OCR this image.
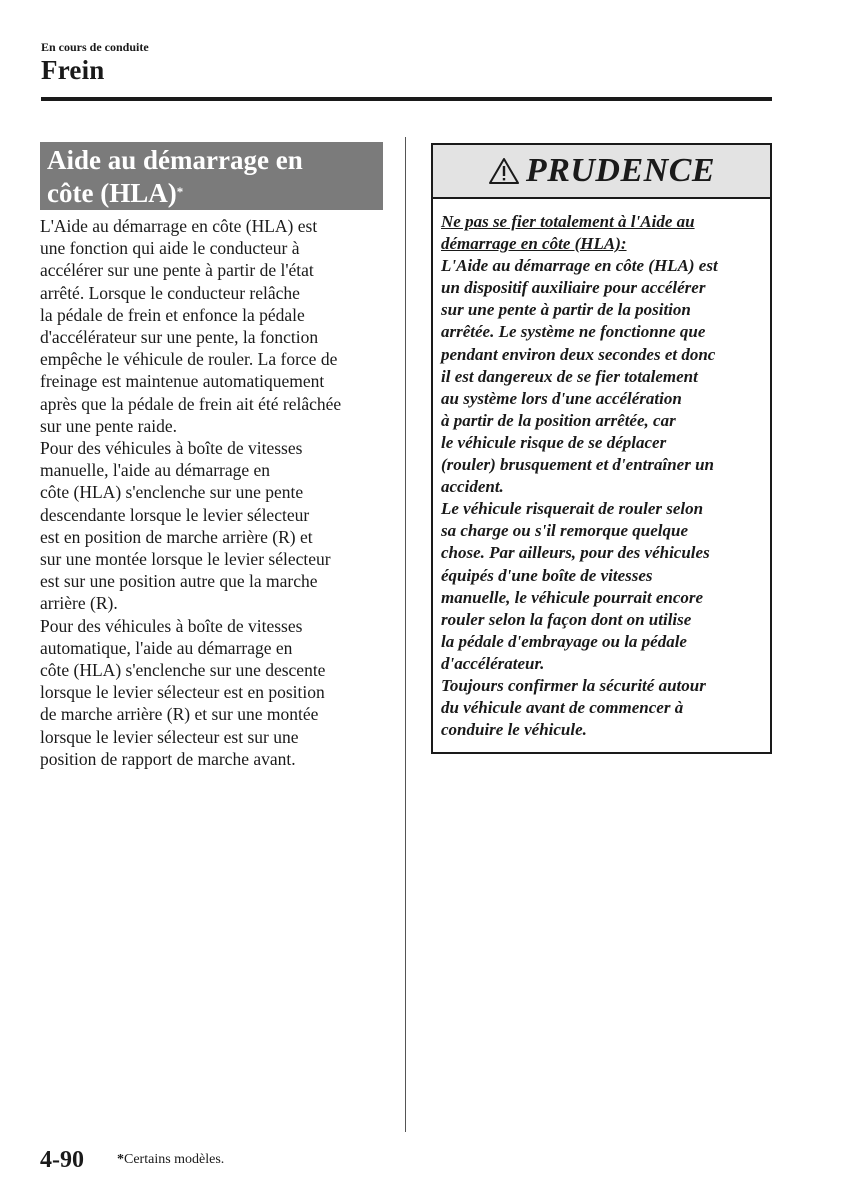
En cours de conduite
Frein
Aide au démarrage en
côte (HLA)*

L'Aide au démarrage en côte (HLA) est
une fonction qui aide le conducteur à
accélérer sur une pente à partir de l'état
arrêté. Lorsque le conducteur relâche
la pédale de frein et enfonce la pédale
d'accélérateur sur une pente, la fonction
empêche le véhicule de rouler. La force de
freinage est maintenue automatiquement
après que la pédale de frein ait été relâchée
sur une pente raide.

Pour des véhicules à boîte de vitesses
manuelle, l'aide au démarrage en
côte (HLA) s'enclenche sur une pente
descendante lorsque le levier sélecteur
est en position de marche arrière (R) et
sur une montée lorsque le levier sélecteur
est sur une position autre que la marche
arrière (R).

Pour des véhicules à boîte de vitesses
automatique, l'aide au démarrage en
côte (HLA) s'enclenche sur une descente
lorsque le levier sélecteur est en position
de marche arrière (R) et sur une montée
lorsque le levier sélecteur est sur une
position de rapport de marche avant.

PRUDENCE

Ne pas se fier totalement à l'Aide au
démarrage en côte (HLA):

L'Aide au démarrage en côte (HLA) est
un dispositif auxiliaire pour accélérer
sur une pente à partir de la position
arrêtée. Le système ne fonctionne que
pendant environ deux secondes et donc
il est dangereux de se fier totalement
au système lors d'une accélération
à partir de la position arrêtée, car
le véhicule risque de se déplacer
(rouler) brusquement et d'entraîner un
accident.

Le véhicule risquerait de rouler selon
sa charge ou s'il remorque quelque
chose. Par ailleurs, pour des véhicules
équipés d'une boîte de vitesses
manuelle, le véhicule pourrait encore
rouler selon la façon dont on utilise
la pédale d'embrayage ou la pédale
d'accélérateur.

Toujours confirmer la sécurité autour
du véhicule avant de commencer à
conduire le véhicule.

4-90 *Certains modèles.
